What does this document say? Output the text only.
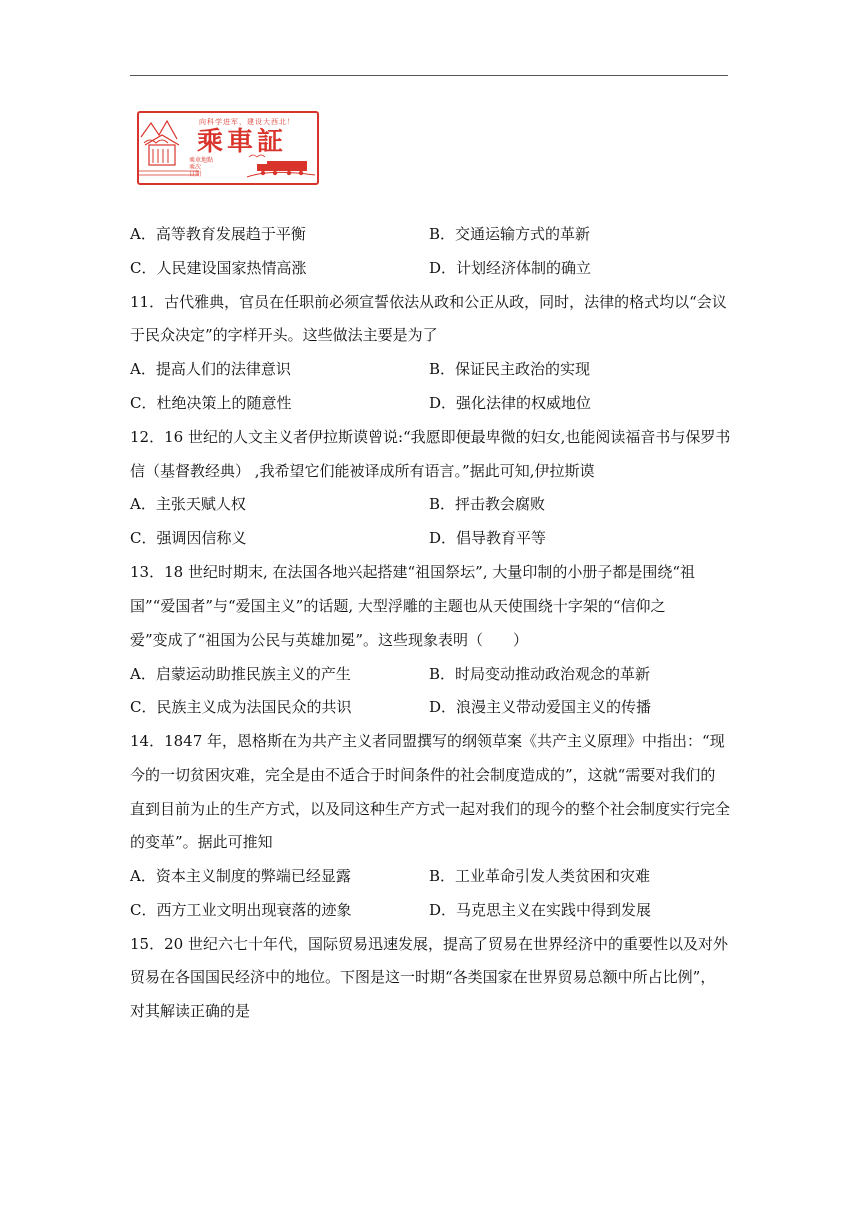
向科学进军，建设大西北！
乘車証
乘車地點
乘次
日期
A．高等教育发展趋于平衡	B．交通运输方式的革新
C．人民建设国家热情高涨	D．计划经济体制的确立
11．古代雅典，官员在任职前必须宣誓依法从政和公正从政，同时，法律的格式均以“会议
于民众决定”的字样开头。这些做法主要是为了
A．提高人们的法律意识	B．保证民主政治的实现
C．杜绝决策上的随意性	D．强化法律的权威地位
12．16 世纪的人文主义者伊拉斯谟曾说:“我愿即便最卑微的妇女,也能阅读福音书与保罗书
信（基督教经典） ,我希望它们能被译成所有语言。”据此可知,伊拉斯谟
A．主张天赋人权	B．抨击教会腐败
C．强调因信称义	D．倡导教育平等
13．18 世纪时期末, 在法国各地兴起搭建“祖国祭坛”, 大量印制的小册子都是围绕“祖
国”“爱国者”与“爱国主义”的话题, 大型浮雕的主题也从天使围绕十字架的“信仰之
爱”变成了“祖国为公民与英雄加冕”。这些现象表明（　　）
A．启蒙运动助推民族主义的产生	B．时局变动推动政治观念的革新
C．民族主义成为法国民众的共识	D．浪漫主义带动爱国主义的传播
14．1847 年，恩格斯在为共产主义者同盟撰写的纲领草案《共产主义原理》中指出：“现
今的一切贫困灾难，完全是由不适合于时间条件的社会制度造成的”，这就“需要对我们的
直到目前为止的生产方式，以及同这种生产方式一起对我们的现今的整个社会制度实行完全
的变革”。据此可推知
A．资本主义制度的弊端已经显露	B．工业革命引发人类贫困和灾难
C．西方工业文明出现衰落的迹象	D．马克思主义在实践中得到发展
15．20 世纪六七十年代，国际贸易迅速发展，提高了贸易在世界经济中的重要性以及对外
贸易在各国国民经济中的地位。下图是这一时期“各类国家在世界贸易总额中所占比例”，
对其解读正确的是
